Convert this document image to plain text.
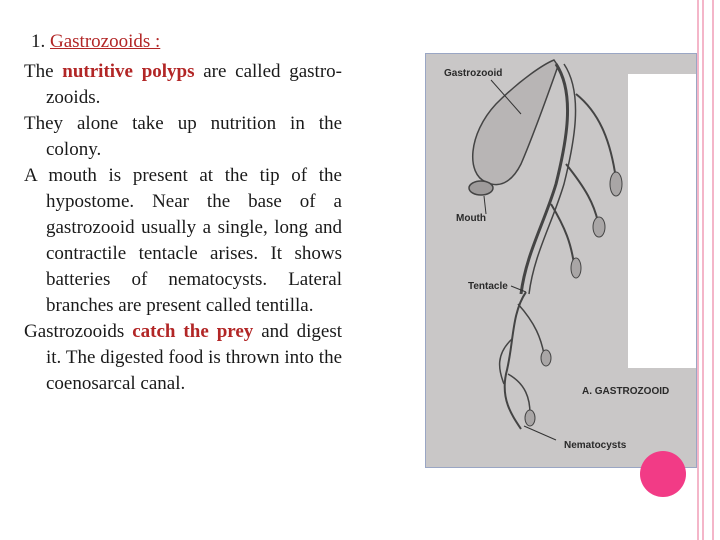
1. Gastrozooids :

The nutritive polyps are called gastro- zooids.

They alone take up nutrition in the colony.

A mouth is present at the tip of the hypostome. Near the base of a gastrozooid usually a single, long and contractile tentacle arises. It shows batteries of nematocysts. Lateral branches are present called tentilla.

Gastrozooids catch the prey and digest it. The digested food is thrown into the coenosarcal canal.

Gastrozooid
Mouth
Tentacle
A. GASTROZOOID
Nematocysts
